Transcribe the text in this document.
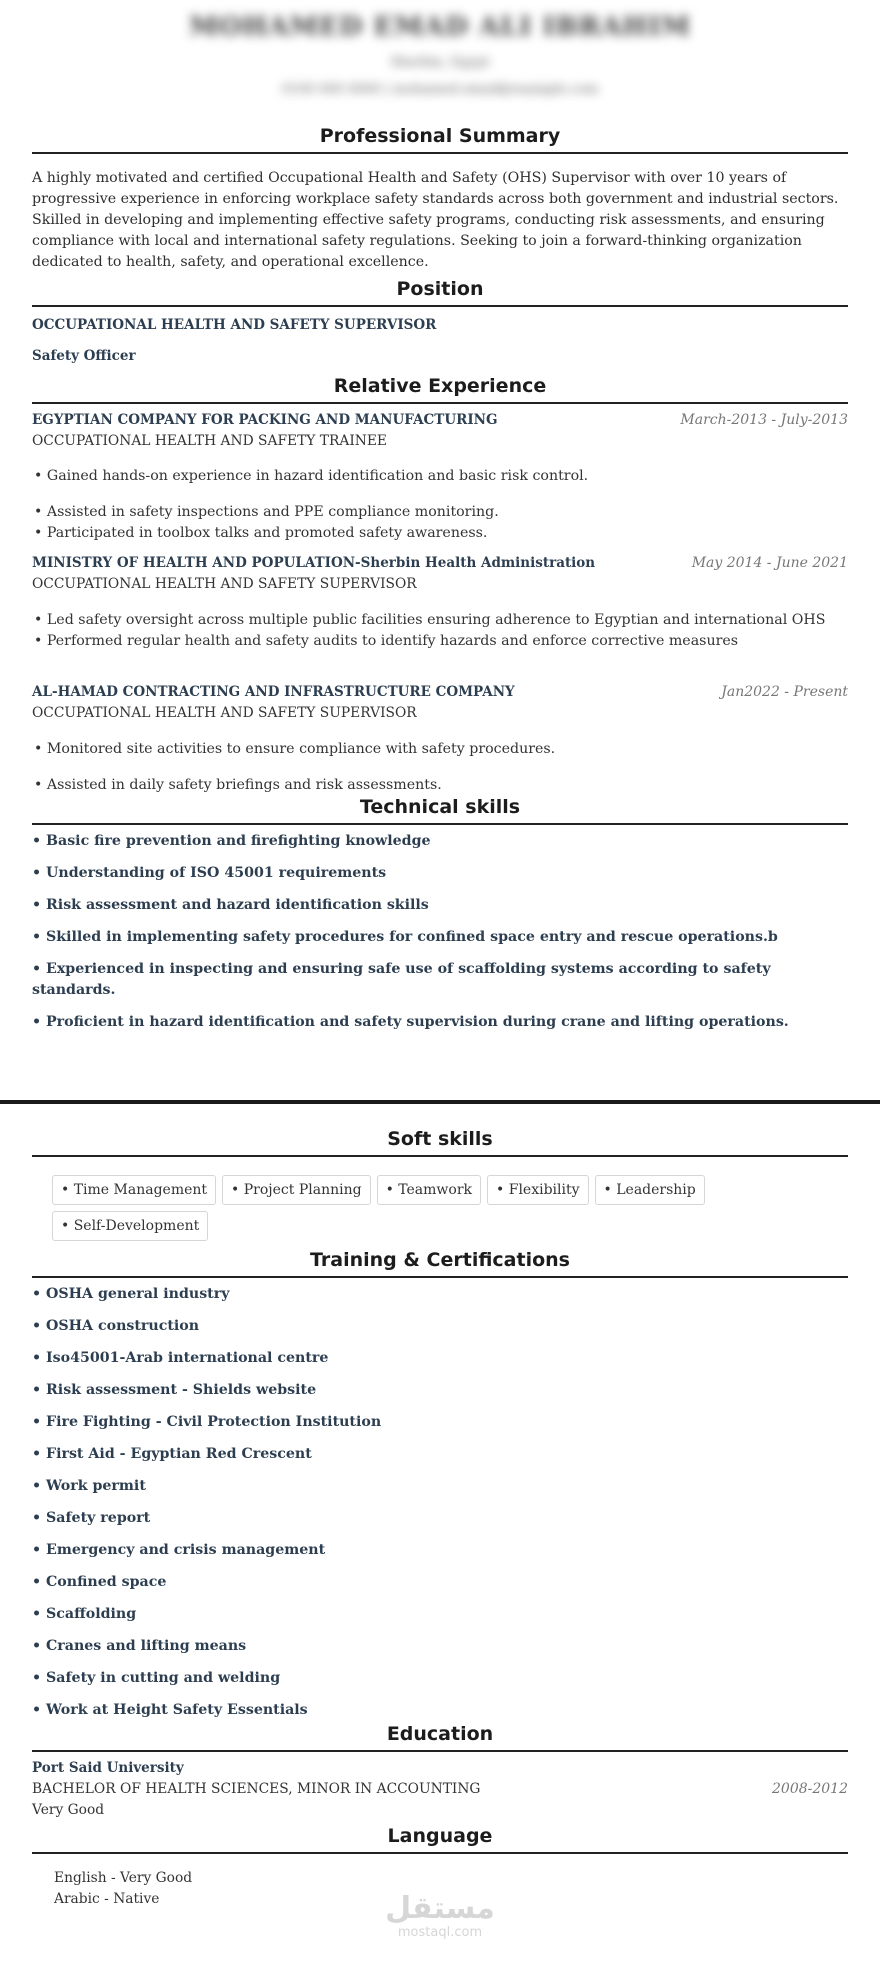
MOHAMED EMAD ALI IBRAHIM
Sherbin, Egypt
0100 000 0000 | mohamed.emad@example.com
Professional Summary
A highly motivated and certified Occupational Health and Safety (OHS) Supervisor with over 10 years of progressive experience in enforcing workplace safety standards across both government and industrial sectors. Skilled in developing and implementing effective safety programs, conducting risk assessments, and ensuring compliance with local and international safety regulations. Seeking to join a forward-thinking organization dedicated to health, safety, and operational excellence.
Position
OCCUPATIONAL HEALTH AND SAFETY SUPERVISOR
Safety Officer
Relative Experience
EGYPTIAN COMPANY FOR PACKING AND MANUFACTURING	March-2013 - July-2013
OCCUPATIONAL HEALTH AND SAFETY TRAINEE
• Gained hands-on experience in hazard identification and basic risk control.
• Assisted in safety inspections and PPE compliance monitoring.
• Participated in toolbox talks and promoted safety awareness.
MINISTRY OF HEALTH AND POPULATION-Sherbin Health Administration	May 2014 - June 2021
OCCUPATIONAL HEALTH AND SAFETY SUPERVISOR
• Led safety oversight across multiple public facilities ensuring adherence to Egyptian and international OHS
• Performed regular health and safety audits to identify hazards and enforce corrective measures
AL-HAMAD CONTRACTING AND INFRASTRUCTURE COMPANY	Jan2022 - Present
OCCUPATIONAL HEALTH AND SAFETY SUPERVISOR
• Monitored site activities to ensure compliance with safety procedures.
• Assisted in daily safety briefings and risk assessments.
Technical skills
• Basic fire prevention and firefighting knowledge
• Understanding of ISO 45001 requirements
• Risk assessment and hazard identification skills
• Skilled in implementing safety procedures for confined space entry and rescue operations.b
• Experienced in inspecting and ensuring safe use of scaffolding systems according to safety standards.
• Proficient in hazard identification and safety supervision during crane and lifting operations.
Soft skills
• Time Management	• Project Planning	• Teamwork	• Flexibility	• Leadership
• Self-Development
Training & Certifications
• OSHA general industry
• OSHA construction
• Iso45001-Arab international centre
• Risk assessment - Shields website
• Fire Fighting - Civil Protection Institution
• First Aid - Egyptian Red Crescent
• Work permit
• Safety report
• Emergency and crisis management
• Confined space
• Scaffolding
• Cranes and lifting means
• Safety in cutting and welding
• Work at Height Safety Essentials
Education
Port Said University
BACHELOR OF HEALTH SCIENCES, MINOR IN ACCOUNTING	2008-2012
Very Good
Language
English - Very Good
Arabic - Native	مستقل
mostaql.com
